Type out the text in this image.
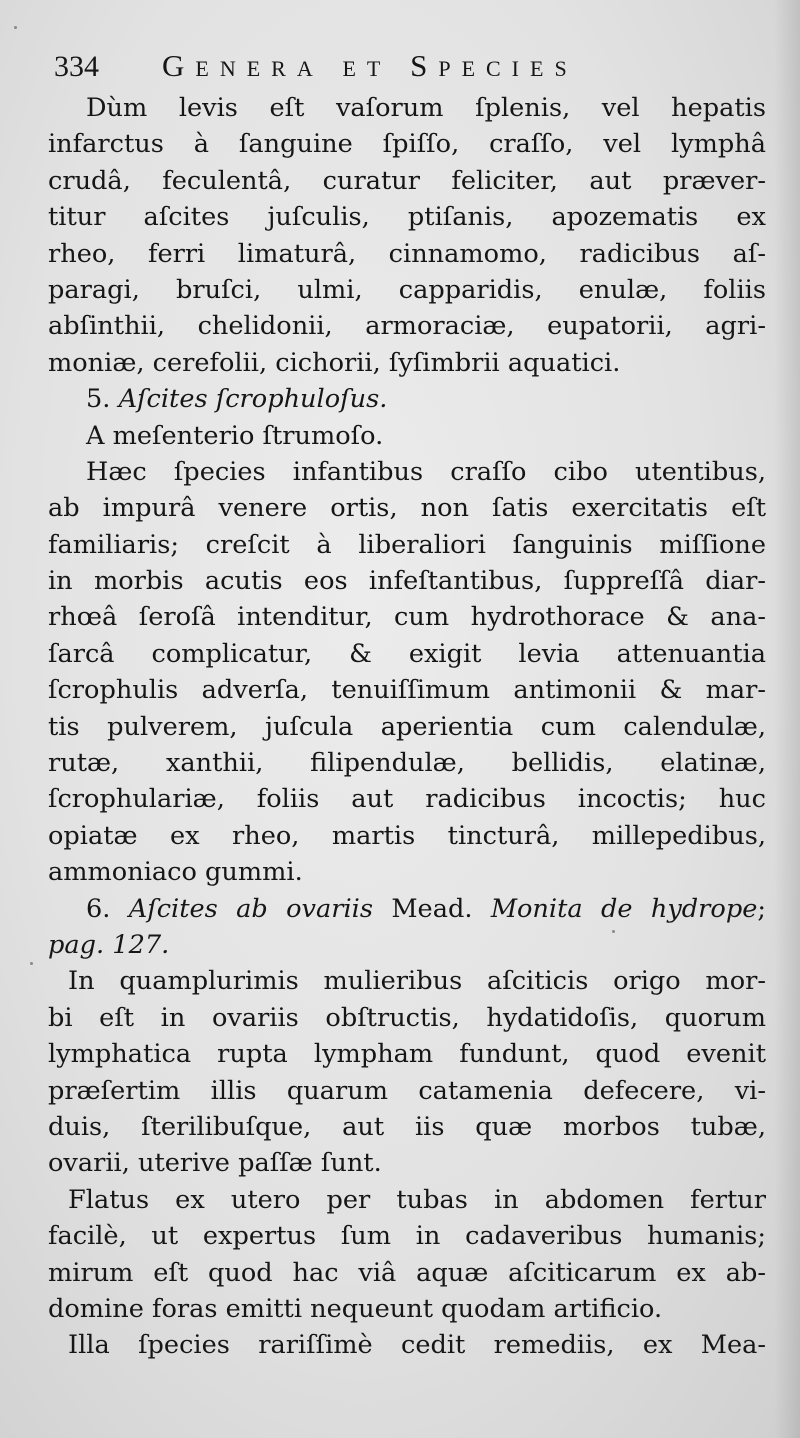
334 Genera et Species
Dùm levis eſt vaſorum ſplenis, vel hepatis
infarctus à ſanguine ſpiſſo, craſſo, vel lymphâ
crudâ, feculentâ, curatur feliciter, aut præver-
titur aſcites juſculis, ptiſanis, apozematis ex
rheo, ferri limaturâ, cinnamomo, radicibus aſ-
paragi, bruſci, ulmi, capparidis, enulæ, foliis
abſinthii, chelidonii, armoraciæ, eupatorii, agri-
moniæ, cerefolii, cichorii, ſyſimbrii aquatici.
5. Aſcites ſcrophuloſus.
A meſenterio ſtrumoſo.
Hæc ſpecies infantibus craſſo cibo utentibus,
ab impurâ venere ortis, non ſatis exercitatis eſt
familiaris; creſcit à liberaliori ſanguinis miſſione
in morbis acutis eos infeſtantibus, ſuppreſſâ diar-
rhœâ ſeroſâ intenditur, cum hydrothorace & ana-
ſarcâ complicatur, & exigit levia attenuantia
ſcrophulis adverſa, tenuiſſimum antimonii & mar-
tis pulverem, juſcula aperientia cum calendulæ,
rutæ, xanthii, filipendulæ, bellidis, elatinæ,
ſcrophulariæ, foliis aut radicibus incoctis; huc
opiatæ ex rheo, martis tincturâ, millepedibus,
ammoniaco gummi.
6. Aſcites ab ovariis Mead. Monita de hydrope;
pag. 127.
In quamplurimis mulieribus aſciticis origo mor-
bi eſt in ovariis obſtructis, hydatidoſis, quorum
lymphatica rupta lympham fundunt, quod evenit
præſertim illis quarum catamenia defecere, vi-
duis, ſterilibuſque, aut iis quæ morbos tubæ,
ovarii, uterive paſſæ ſunt.
Flatus ex utero per tubas in abdomen fertur
facilè, ut expertus ſum in cadaveribus humanis;
mirum eſt quod hac viâ aquæ aſciticarum ex ab-
domine foras emitti nequeunt quodam artificio.
Illa ſpecies rariſſimè cedit remediis, ex Mea-
